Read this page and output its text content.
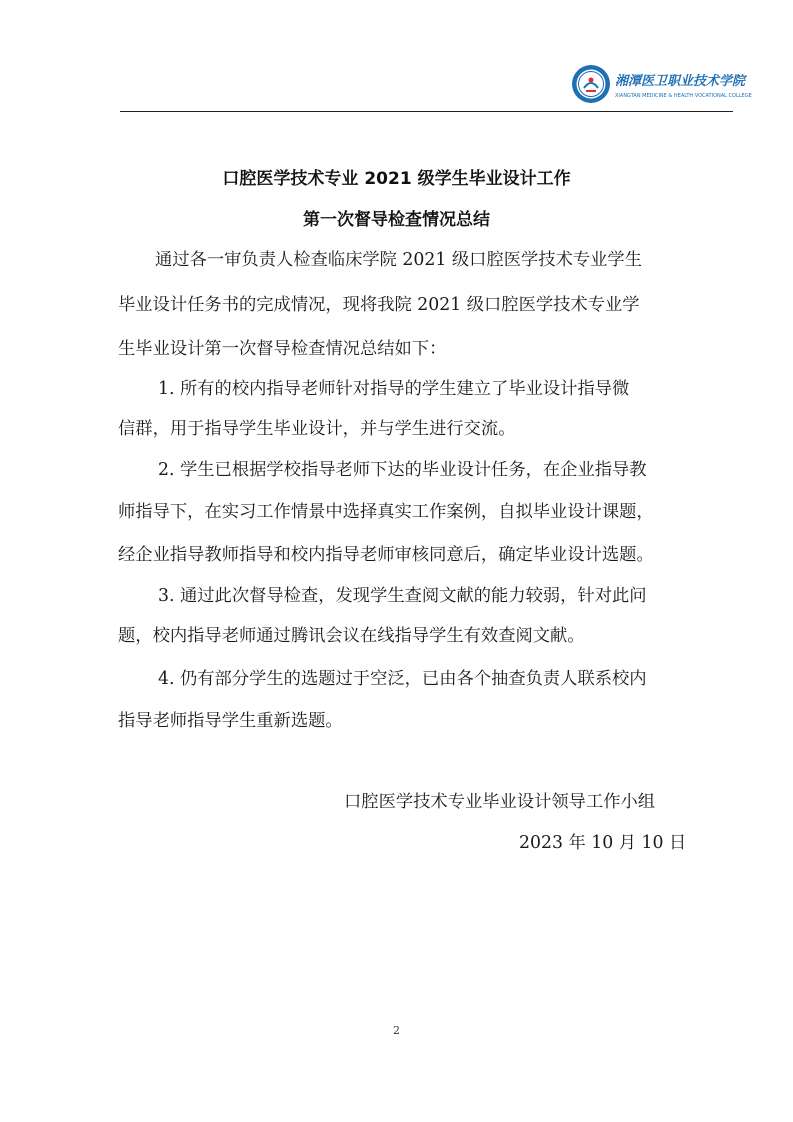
湘潭医卫职业技术学院
XIANGTAN MEDICINE & HEALTH VOCATIONAL COLLEGE
口腔医学技术专业 2021 级学生毕业设计工作
第一次督导检查情况总结

通过各一审负责人检查临床学院 2021 级口腔医学技术专业学生

毕业设计任务书的完成情况，现将我院 2021 级口腔医学技术专业学

生毕业设计第一次督导检查情况总结如下：

1. 所有的校内指导老师针对指导的学生建立了毕业设计指导微

信群，用于指导学生毕业设计，并与学生进行交流。

2. 学生已根据学校指导老师下达的毕业设计任务，在企业指导教

师指导下，在实习工作情景中选择真实工作案例，自拟毕业设计课题，

经企业指导教师指导和校内指导老师审核同意后，确定毕业设计选题。

3. 通过此次督导检查，发现学生查阅文献的能力较弱，针对此问

题，校内指导老师通过腾讯会议在线指导学生有效查阅文献。

4. 仍有部分学生的选题过于空泛，已由各个抽查负责人联系校内

指导老师指导学生重新选题。

口腔医学技术专业毕业设计领导工作小组

2023 年 10 月 10 日

2
